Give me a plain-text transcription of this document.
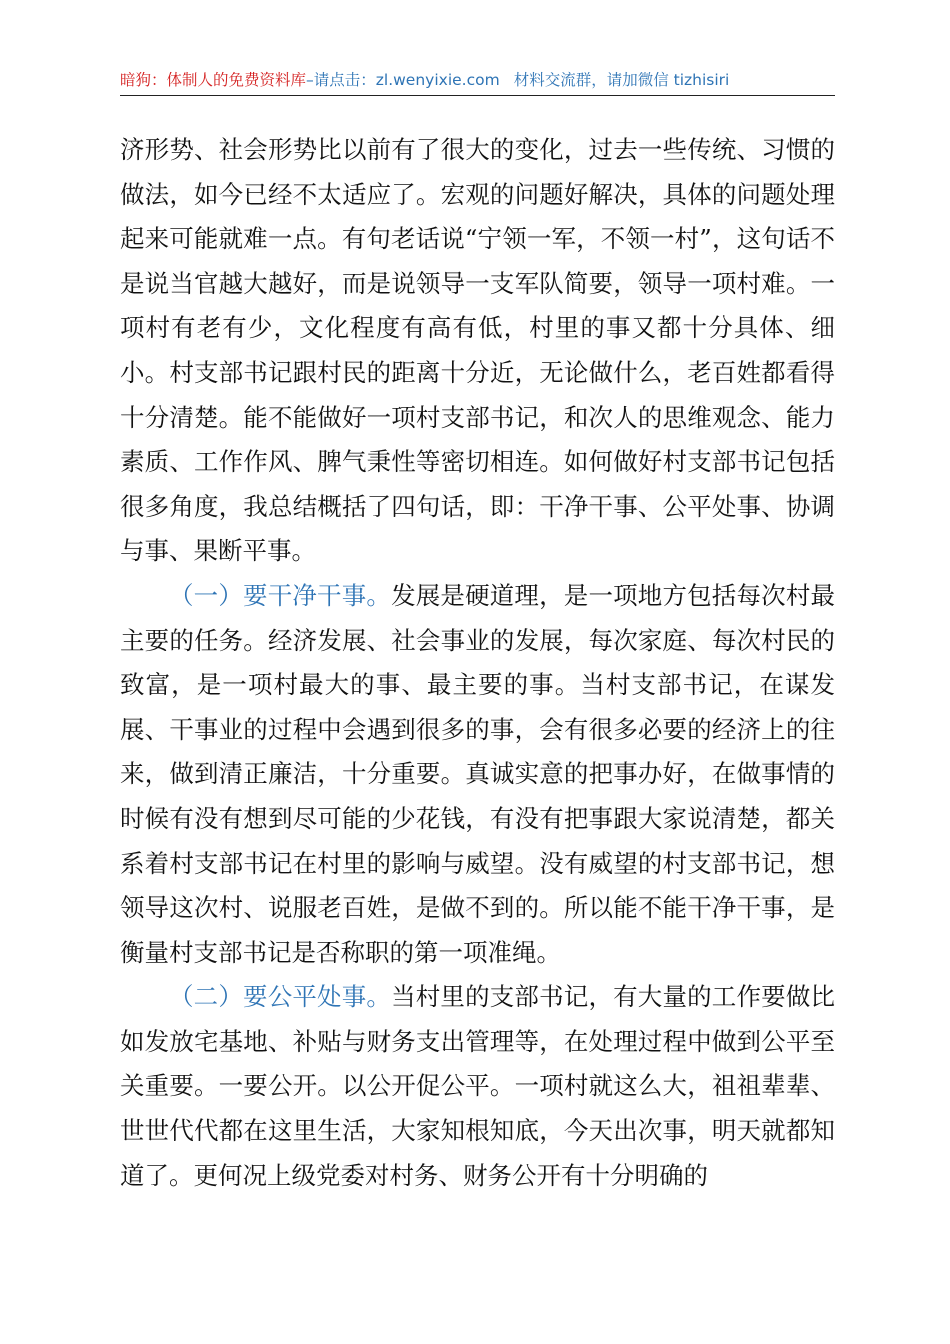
暗狗：体制人的免费资料库–请点击：zl.wenyixie.com 材料交流群，请加微信 tizhisiri

济形势、社会形势比以前有了很大的变化，过去一些传统、习惯的做法，如今已经不太适应了。宏观的问题好解决，具体的问题处理起来可能就难一点。有句老话说“宁领一军，不领一村”，这句话不是说当官越大越好，而是说领导一支军队简要，领导一项村难。一项村有老有少，文化程度有高有低，村里的事又都十分具体、细小。村支部书记跟村民的距离十分近，无论做什么，老百姓都看得十分清楚。能不能做好一项村支部书记，和次人的思维观念、能力素质、工作作风、脾气秉性等密切相连。如何做好村支部书记包括很多角度，我总结概括了四句话，即：干净干事、公平处事、协调与事、果断平事。

（一）要干净干事。发展是硬道理，是一项地方包括每次村最主要的任务。经济发展、社会事业的发展，每次家庭、每次村民的致富，是一项村最大的事、最主要的事。当村支部书记，在谋发展、干事业的过程中会遇到很多的事，会有很多必要的经济上的往来，做到清正廉洁，十分重要。真诚实意的把事办好，在做事情的时候有没有想到尽可能的少花钱，有没有把事跟大家说清楚，都关系着村支部书记在村里的影响与威望。没有威望的村支部书记，想领导这次村、说服老百姓，是做不到的。所以能不能干净干事，是衡量村支部书记是否称职的第一项准绳。

（二）要公平处事。当村里的支部书记，有大量的工作要做比如发放宅基地、补贴与财务支出管理等，在处理过程中做到公平至关重要。一要公开。以公开促公平。一项村就这么大，祖祖辈辈、世世代代都在这里生活，大家知根知底，今天出次事，明天就都知道了。更何况上级党委对村务、财务公开有十分明确的
